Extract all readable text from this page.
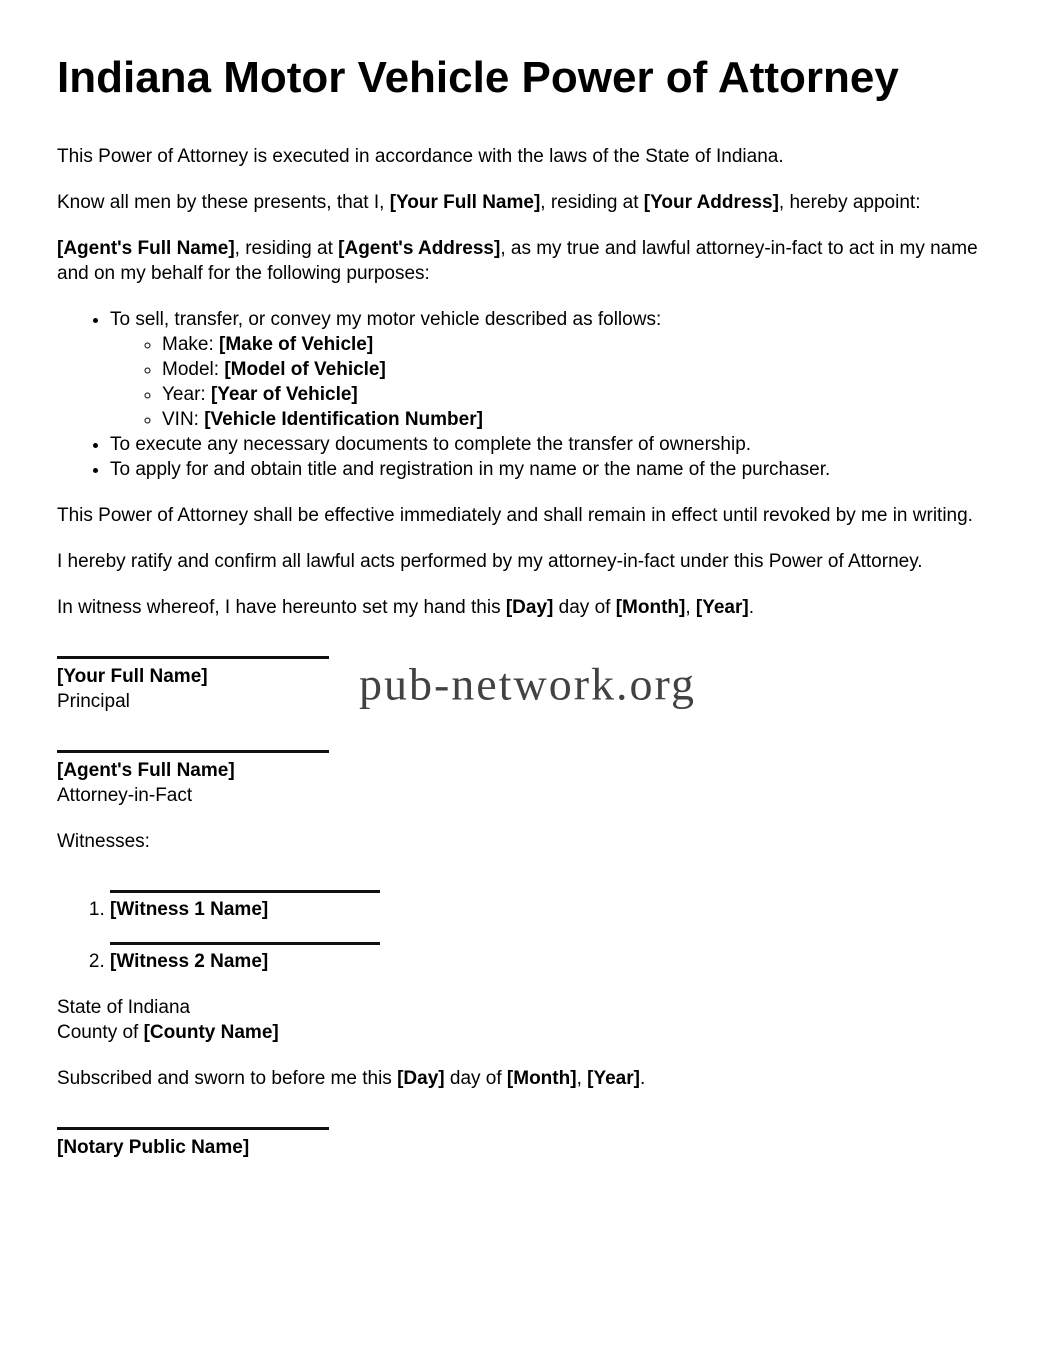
pub-network.org
Indiana Motor Vehicle Power of Attorney

This Power of Attorney is executed in accordance with the laws of the State of Indiana.

Know all men by these presents, that I, [Your Full Name], residing at [Your Address], hereby appoint:

[Agent's Full Name], residing at [Agent's Address], as my true and lawful attorney-in-fact to act in my name and on my behalf for the following purposes:

• To sell, transfer, or convey my motor vehicle described as follows:
◦ Make: [Make of Vehicle]
◦ Model: [Model of Vehicle]
◦ Year: [Year of Vehicle]
◦ VIN: [Vehicle Identification Number]
• To execute any necessary documents to complete the transfer of ownership.
• To apply for and obtain title and registration in my name or the name of the purchaser.

This Power of Attorney shall be effective immediately and shall remain in effect until revoked by me in writing.

I hereby ratify and confirm all lawful acts performed by my attorney-in-fact under this Power of Attorney.

In witness whereof, I have hereunto set my hand this [Day] day of [Month], [Year].

[Your Full Name]
Principal
[Agent's Full Name]
Attorney-in-Fact

Witnesses:

1. [Witness 1 Name]
2. [Witness 2 Name]

State of Indiana
County of [County Name]

Subscribed and sworn to before me this [Day] day of [Month], [Year].

[Notary Public Name]
